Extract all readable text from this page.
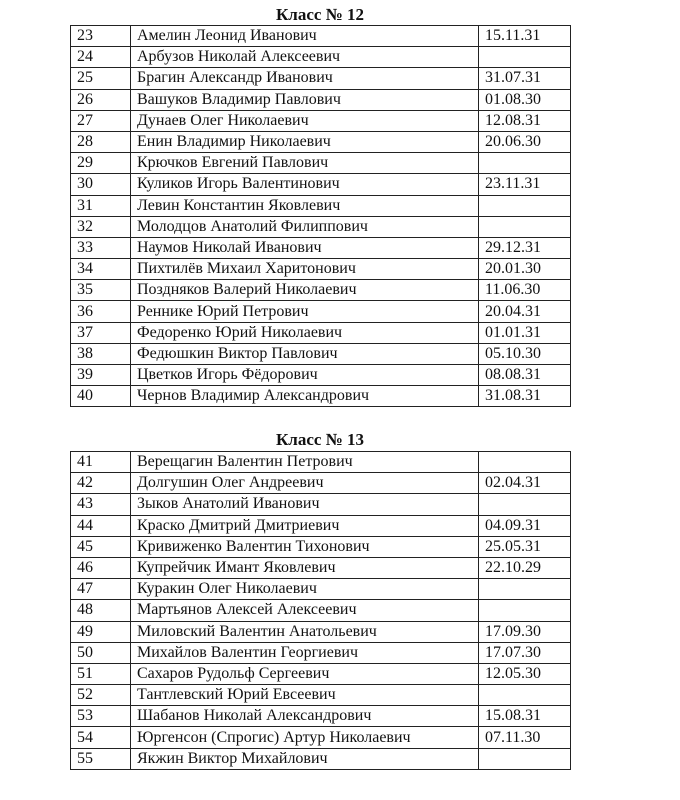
Класс № 12
23	Амелин Леонид Иванович	15.11.31
24	Арбузов Николай Алексеевич	
25	Брагин Александр Иванович	31.07.31
26	Вашуков Владимир Павлович	01.08.30
27	Дунаев Олег Николаевич	12.08.31
28	Енин Владимир Николаевич	20.06.30
29	Крючков Евгений Павлович	
30	Куликов Игорь Валентинович	23.11.31
31	Левин Константин Яковлевич	
32	Молодцов Анатолий Филиппович	
33	Наумов Николай Иванович	29.12.31
34	Пихтилёв Михаил Харитонович	20.01.30
35	Поздняков Валерий Николаевич	11.06.30
36	Реннике Юрий Петрович	20.04.31
37	Федоренко Юрий Николаевич	01.01.31
38	Федюшкин Виктор Павлович	05.10.30
39	Цветков Игорь Фёдорович	08.08.31
40	Чернов Владимир Александрович	31.08.31
Класс № 13
41	Верещагин Валентин Петрович	
42	Долгушин Олег Андреевич	02.04.31
43	Зыков Анатолий Иванович	
44	Краско Дмитрий Дмитриевич	04.09.31
45	Кривиженко Валентин Тихонович	25.05.31
46	Купрейчик Имант Яковлевич	22.10.29
47	Куракин Олег Николаевич	
48	Мартьянов Алексей Алексеевич	
49	Миловский Валентин Анатольевич	17.09.30
50	Михайлов Валентин Георгиевич	17.07.30
51	Сахаров Рудольф Сергеевич	12.05.30
52	Тантлевский Юрий Евсеевич	
53	Шабанов Николай Александрович	15.08.31
54	Юргенсон (Спрогис) Артур Николаевич	07.11.30
55	Якжин Виктор Михайлович	
